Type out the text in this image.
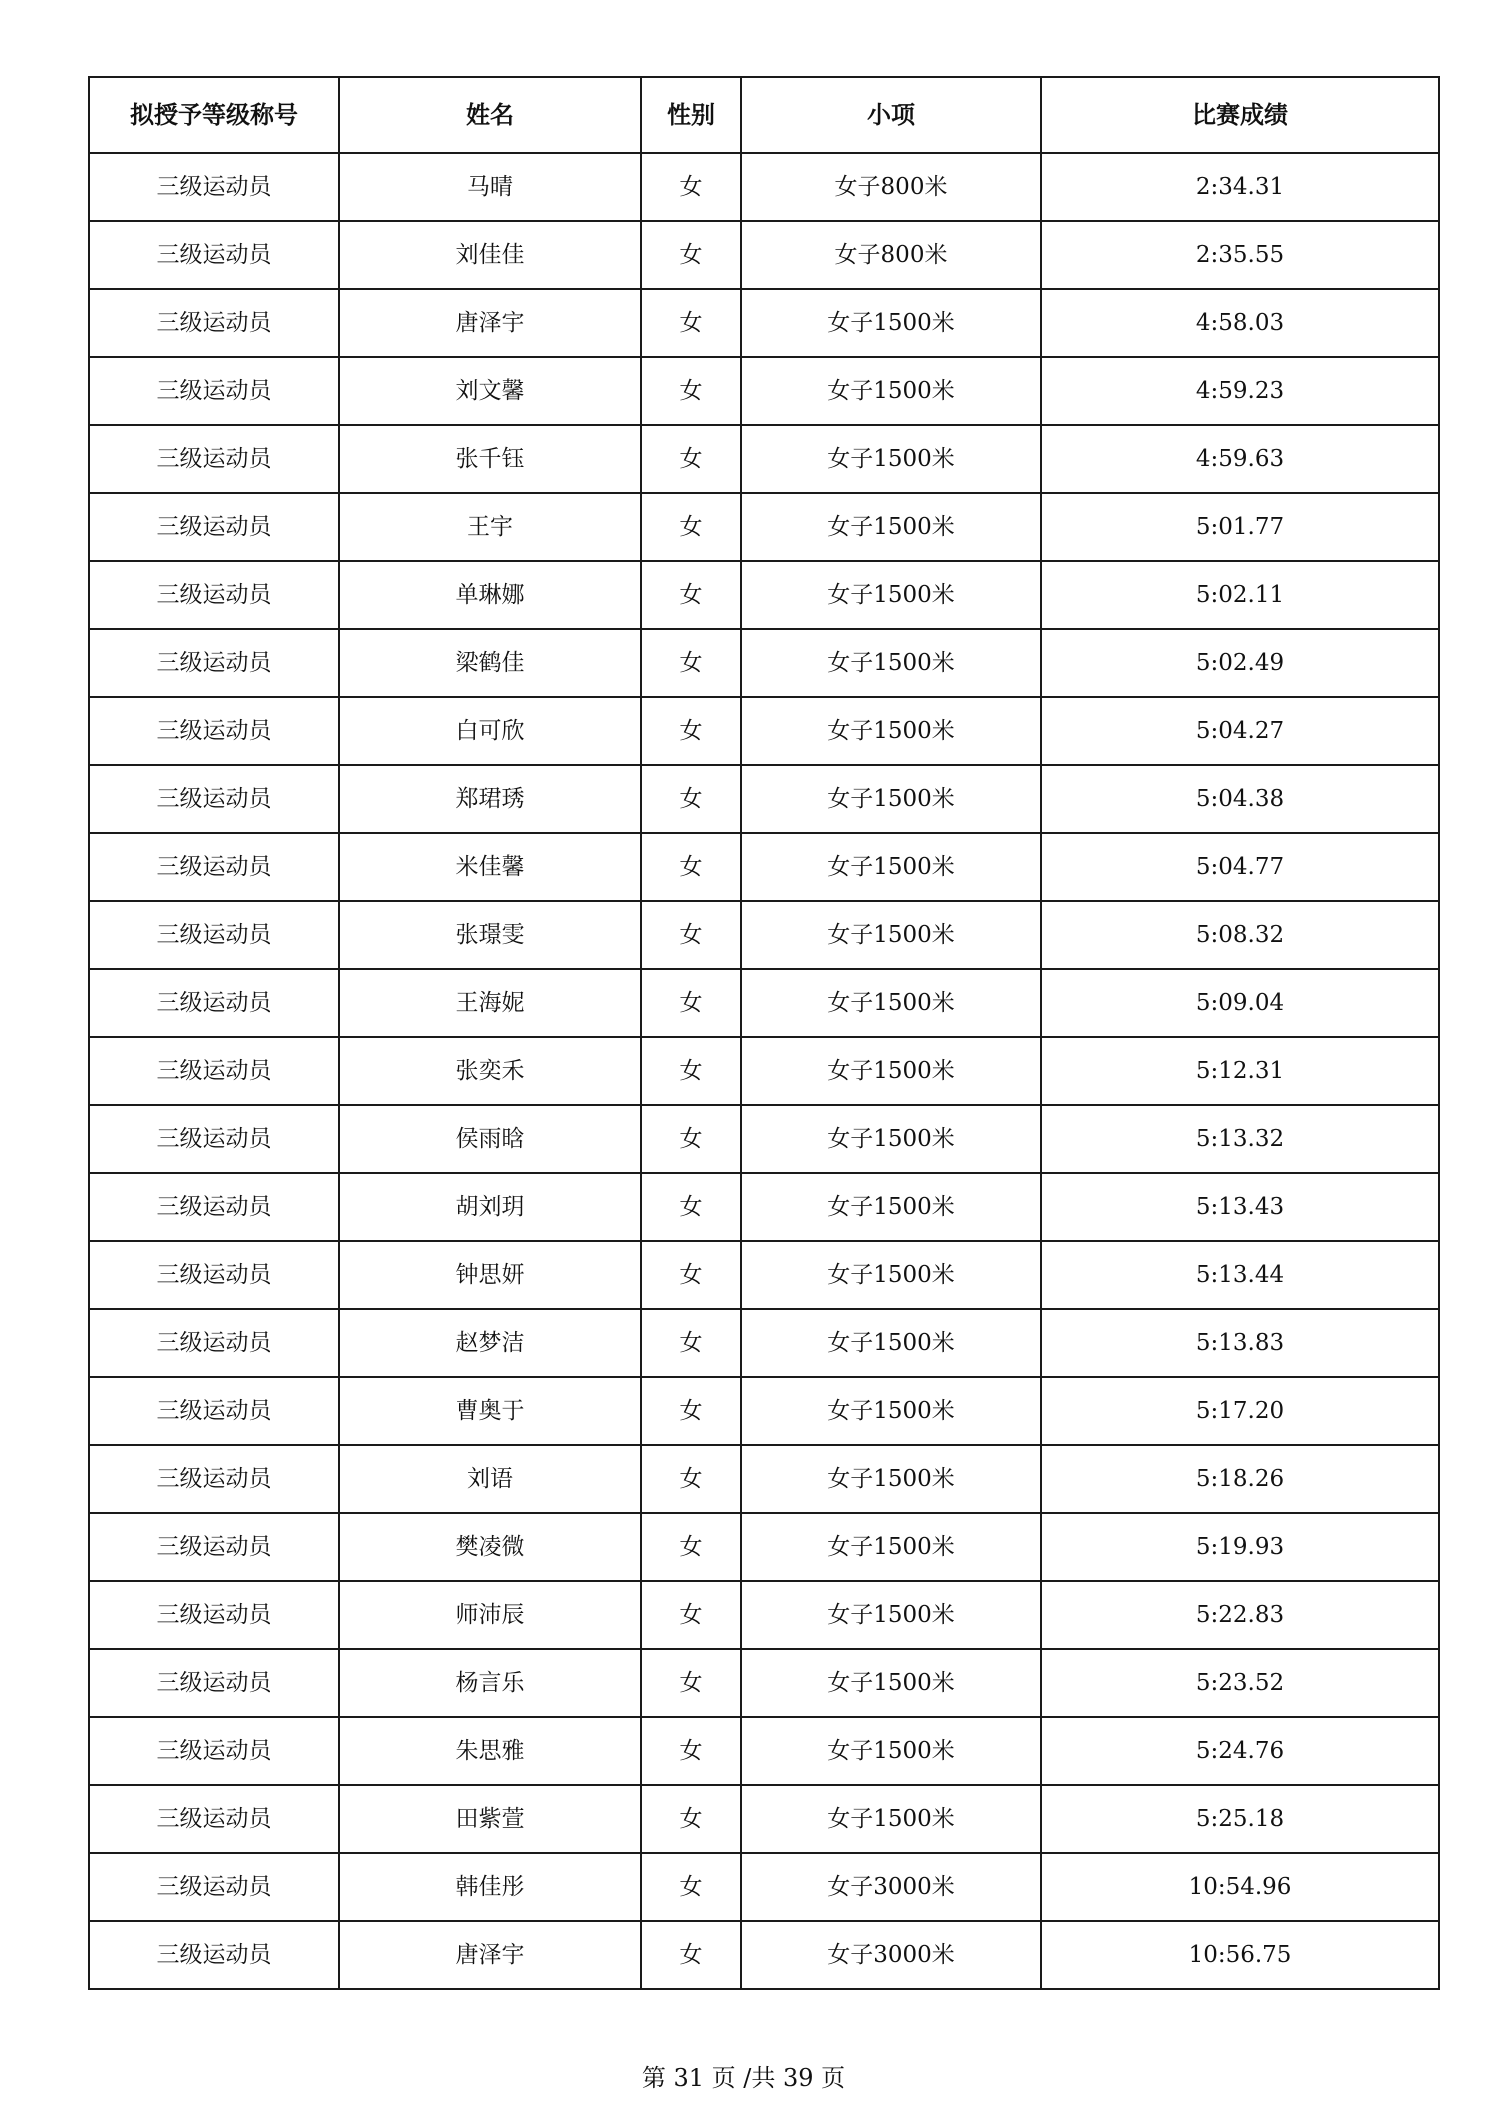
拟授予等级称号	姓名	性别	小项	比赛成绩
三级运动员	马晴	女	女子800米	2:34.31
三级运动员	刘佳佳	女	女子800米	2:35.55
三级运动员	唐泽宇	女	女子1500米	4:58.03
三级运动员	刘文馨	女	女子1500米	4:59.23
三级运动员	张千钰	女	女子1500米	4:59.63
三级运动员	王宇	女	女子1500米	5:01.77
三级运动员	单琳娜	女	女子1500米	5:02.11
三级运动员	梁鹤佳	女	女子1500米	5:02.49
三级运动员	白可欣	女	女子1500米	5:04.27
三级运动员	郑珺琇	女	女子1500米	5:04.38
三级运动员	米佳馨	女	女子1500米	5:04.77
三级运动员	张璟雯	女	女子1500米	5:08.32
三级运动员	王海妮	女	女子1500米	5:09.04
三级运动员	张奕禾	女	女子1500米	5:12.31
三级运动员	侯雨晗	女	女子1500米	5:13.32
三级运动员	胡刘玥	女	女子1500米	5:13.43
三级运动员	钟思妍	女	女子1500米	5:13.44
三级运动员	赵梦洁	女	女子1500米	5:13.83
三级运动员	曹奥于	女	女子1500米	5:17.20
三级运动员	刘语	女	女子1500米	5:18.26
三级运动员	樊凌微	女	女子1500米	5:19.93
三级运动员	师沛辰	女	女子1500米	5:22.83
三级运动员	杨言乐	女	女子1500米	5:23.52
三级运动员	朱思雅	女	女子1500米	5:24.76
三级运动员	田紫萱	女	女子1500米	5:25.18
三级运动员	韩佳彤	女	女子3000米	10:54.96
三级运动员	唐泽宇	女	女子3000米	10:56.75
第 31 页 /共 39 页
